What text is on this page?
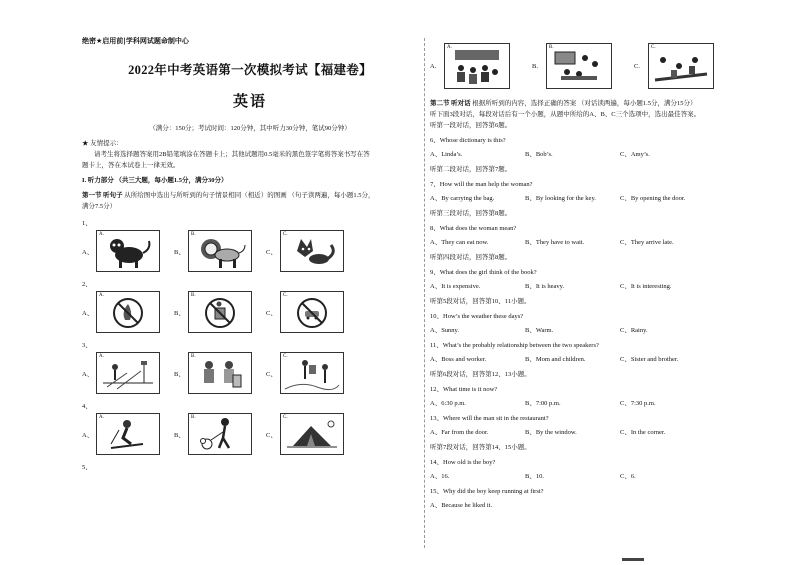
绝密★启用前|学科网试题命制中心
2022年中考英语第一次模拟考试【福建卷】
英语
（满分：150分；考试时间：120分钟，其中听力30分钟，笔试90分钟）
★ 友情提示：
请考生将选择题答案用2B铅笔填涂在答题卡上；其他试题用0.5毫米的黑色签字笔将答案书写在答
题卡上，答在本试卷上一律无效。
I. 听力部分 （共三大题，每小题1.5分，满分30分）
第一节 听句子 从所给图中选出与所听到的句子情景相同（相近）的图画 （句子读两遍，每小题1.5分，
满分7.5分）
1、
A、
A.
B、
B.
C、
C.
2、
A、
A.
B、
B.
C、
C.
3、
A、
A.
B、
B.
C、
C.
4、
A、
A.
B、
B.
C、
C.
5、
A.
A.
B.
B.
C.
C.
第二节 听对话 根据所听到的内容，选择正确的答案 （对话读两遍，每小题1.5分，满分15分）
听下面3段对话，每段对话后有一个小题，从题中所给的A、B、C三个选项中，选出最佳答案。
听第一段对话，回答第6题。
6、Whose dictionary is this?
A、Linda’s.	B、Bob’s.	C、Amy’s.
听第二段对话，回答第7题。
7、How will the man help the woman?
A、By carrying the bag.	B、By looking for the key.	C、By opening the door.
听第三段对话，回答第8题。
8、What does the woman mean?
A、They can eat now.	B、They have to wait.	C、They arrive late.
听第四段对话，回答第8题。
9、What does the girl think of the book?
A、It is expensive.	B、It is heavy.	C、It is interesting.
听第5段对话，回答第10、11小题。
10、How’s the weather these days?
A、Sunny.	B、Warm.	C、Rainy.
11、What’s the probably relationship between the two speakers?
A、Boss and worker.	B、Mom and children.	C、Sister and brother.
听第6段对话，回答第12、13小题。
12、What time is it now?
A、6:30 p.m.	B、7:00 p.m.	C、7:30 p.m.
13、Where will the man sit in the restaurant?
A、Far from the door.	B、By the window.	C、In the corner.
听第7段对话，回答第14、15小题。
14、How old is the boy?
A、16.	B、10.	C、6.
15、Why did the boy keep running at first?
A、Because he liked it.
